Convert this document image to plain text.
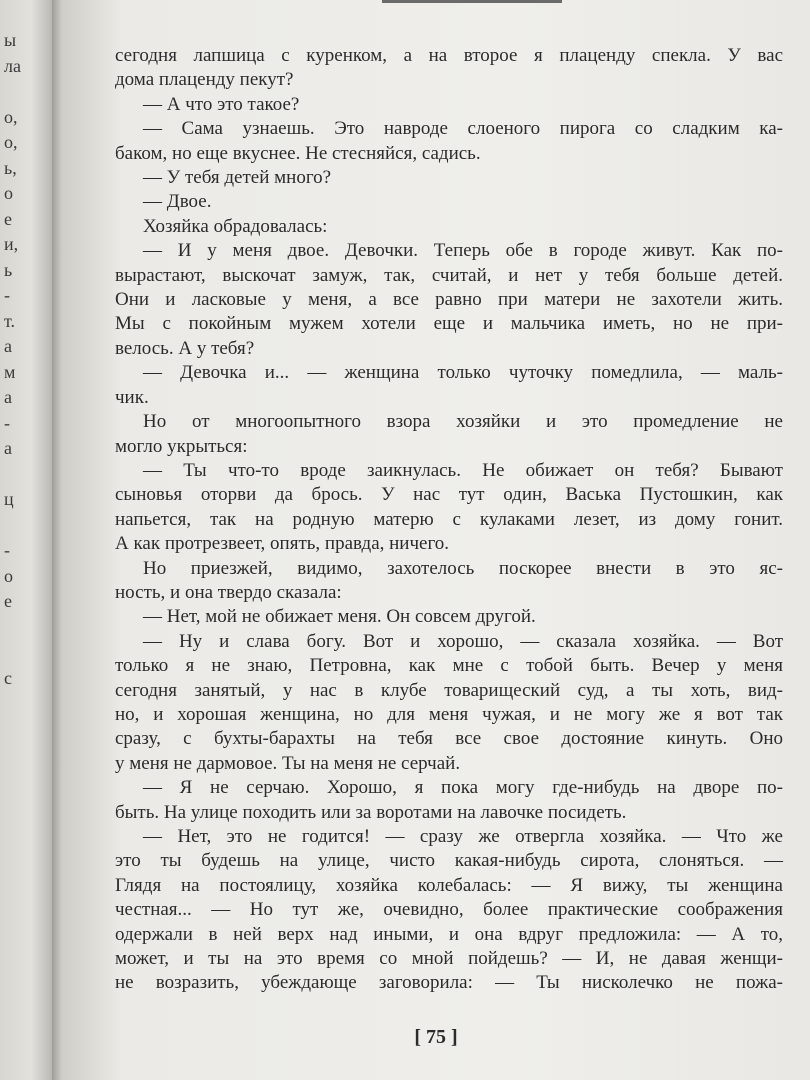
ы
ла
о,
о,
ь,
о
е
и,
ь
-
т.
а
м
а
-
а
ц
-
о
е
с
сегодня лапшица с куренком, а на второе я плаценду спекла. У вас
дома плаценду пекут?
— А что это такое?
— Сама узнаешь. Это навроде слоеного пирога со сладким ка-
баком, но еще вкуснее. Не стесняйся, садись.
— У тебя детей много?
— Двое.
Хозяйка обрадовалась:
— И у меня двое. Девочки. Теперь обе в городе живут. Как по-
вырастают, выскочат замуж, так, считай, и нет у тебя больше детей.
Они и ласковые у меня, а все равно при матери не захотели жить.
Мы с покойным мужем хотели еще и мальчика иметь, но не при-
велось. А у тебя?
— Девочка и... — женщина только чуточку помедлила, — маль-
чик.
Но от многоопытного взора хозяйки и это промедление не
могло укрыться:
— Ты что-то вроде заикнулась. Не обижает он тебя? Бывают
сыновья оторви да брось. У нас тут один, Васька Пустошкин, как
напьется, так на родную матерю с кулаками лезет, из дому гонит.
А как протрезвеет, опять, правда, ничего.
Но приезжей, видимо, захотелось поскорее внести в это яс-
ность, и она твердо сказала:
— Нет, мой не обижает меня. Он совсем другой.
— Ну и слава богу. Вот и хорошо, — сказала хозяйка. — Вот
только я не знаю, Петровна, как мне с тобой быть. Вечер у меня
сегодня занятый, у нас в клубе товарищеский суд, а ты хоть, вид-
но, и хорошая женщина, но для меня чужая, и не могу же я вот так
сразу, с бухты-барахты на тебя все свое достояние кинуть. Оно
у меня не дармовое. Ты на меня не серчай.
— Я не серчаю. Хорошо, я пока могу где-нибудь на дворе по-
быть. На улице походить или за воротами на лавочке посидеть.
— Нет, это не годится! — сразу же отвергла хозяйка. — Что же
это ты будешь на улице, чисто какая-нибудь сирота, слоняться. —
Глядя на постоялицу, хозяйка колебалась: — Я вижу, ты женщина
честная... — Но тут же, очевидно, более практические соображения
одержали в ней верх над иными, и она вдруг предложила: — А то,
может, и ты на это время со мной пойдешь? — И, не давая женщи-
не возразить, убеждающе заговорила: — Ты нисколечко не пожа-
[ 75 ]
